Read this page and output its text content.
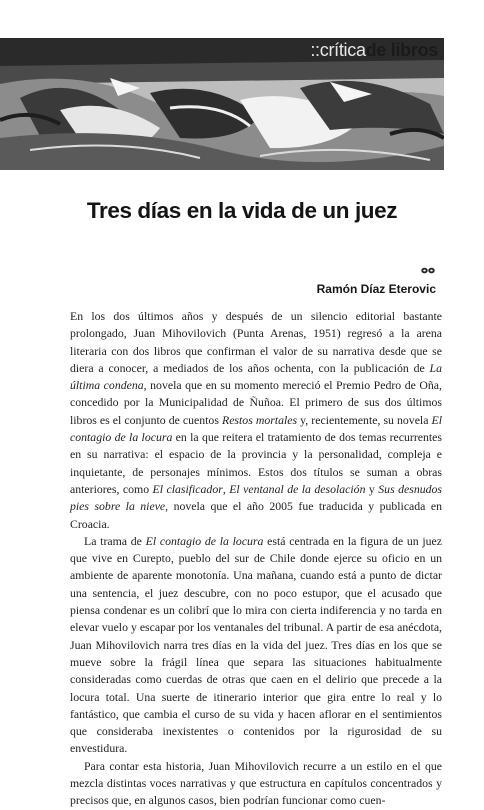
::críticade libros
Tres días en la vida de un juez
Ramón Díaz Eterovic

En los dos últimos años y después de un silencio editorial bastante prolongado, Juan Mihovilovich (Punta Arenas, 1951) regresó a la arena literaria con dos libros que confirman el valor de su narrativa desde que se diera a conocer, a mediados de los años ochenta, con la publicación de La última condena, novela que en su momento mereció el Premio Pedro de Oña, concedido por la Municipalidad de Ñuñoa. El primero de sus dos últimos libros es el conjunto de cuentos Restos mortales y, recientemente, su novela El contagio de la locura en la que reitera el tratamiento de dos temas recurrentes en su narrativa: el espacio de la provincia y la personalidad, compleja e inquietante, de personajes mínimos. Estos dos títulos se suman a obras anteriores, como El clasificador, El ventanal de la desolación y Sus desnudos pies sobre la nieve, novela que el año 2005 fue traducida y publicada en Croacia.

La trama de El contagio de la locura está centrada en la figura de un juez que vive en Curepto, pueblo del sur de Chile donde ejerce su oficio en un ambiente de aparente monotonía. Una mañana, cuando está a punto de dictar una sentencia, el juez descubre, con no poco estupor, que el acusado que piensa condenar es un colibrí que lo mira con cierta indiferencia y no tarda en elevar vuelo y escapar por los ventanales del tribunal. A partir de esa anécdota, Juan Mihovilovich narra tres días en la vida del juez. Tres días en los que se mueve sobre la frágil línea que separa las situaciones habitualmente consideradas como cuerdas de otras que caen en el delirio que precede a la locura total. Una suerte de itinerario interior que gira entre lo real y lo fantástico, que cambia el curso de su vida y hacen aflorar en el sentimientos que consideraba inexistentes o contenidos por la rigurosidad de su envestidura.

Para contar esta historia, Juan Mihovilovich recurre a un estilo en el que mezcla distintas voces narrativas y que estructura en capítulos concentrados y precisos que, en algunos casos, bien podrían funcionar como cuen-
